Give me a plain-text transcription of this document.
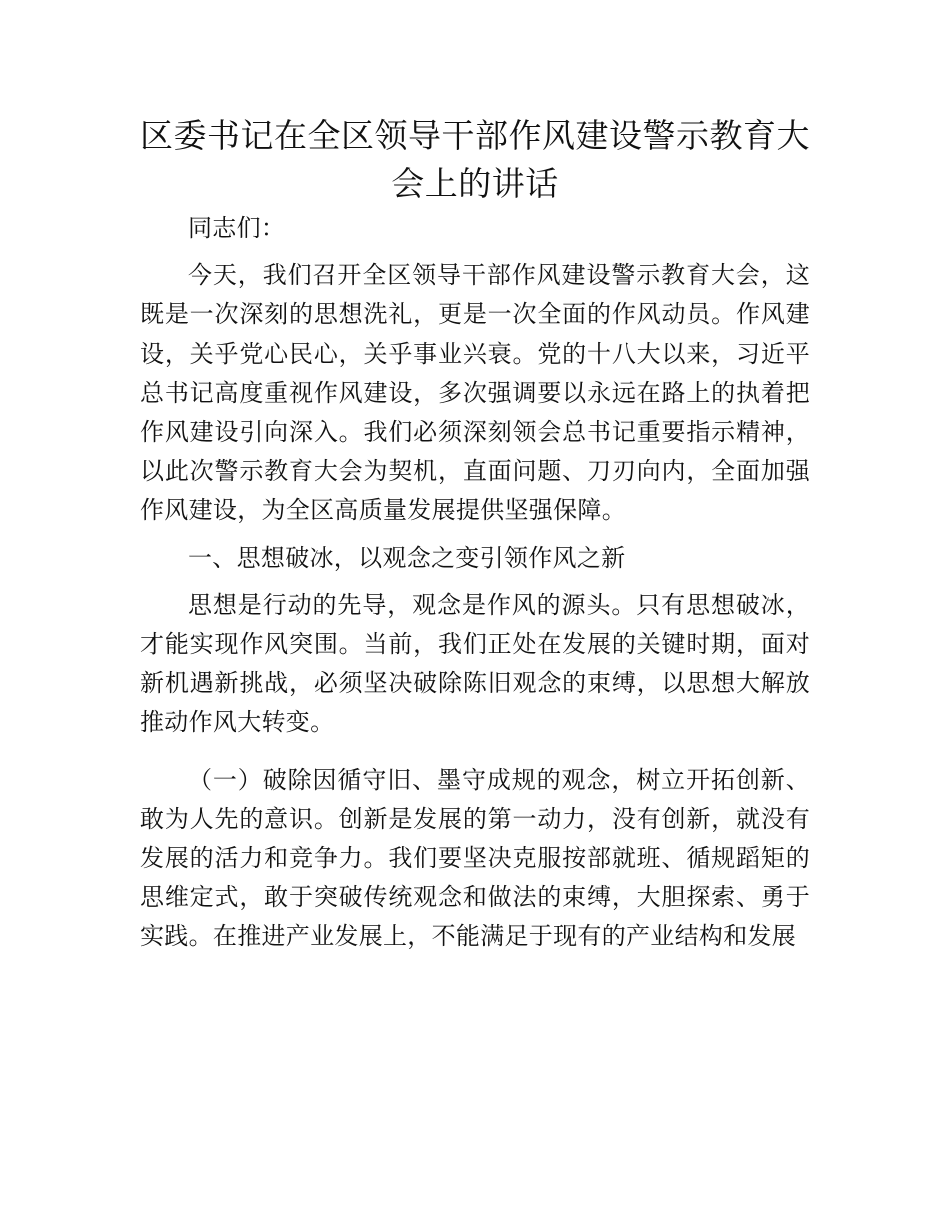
区委书记在全区领导干部作风建设警示教育大会上的讲话

同志们：

今天，我们召开全区领导干部作风建设警示教育大会，这既是一次深刻的思想洗礼，更是一次全面的作风动员。作风建设，关乎党心民心，关乎事业兴衰。党的十八大以来，习近平总书记高度重视作风建设，多次强调要以永远在路上的执着把作风建设引向深入。我们必须深刻领会总书记重要指示精神，以此次警示教育大会为契机，直面问题、刀刃向内，全面加强作风建设，为全区高质量发展提供坚强保障。

一、思想破冰，以观念之变引领作风之新

思想是行动的先导，观念是作风的源头。只有思想破冰，才能实现作风突围。当前，我们正处在发展的关键时期，面对新机遇新挑战，必须坚决破除陈旧观念的束缚，以思想大解放推动作风大转变。

（一）破除因循守旧、墨守成规的观念，树立开拓创新、敢为人先的意识。创新是发展的第一动力，没有创新，就没有发展的活力和竞争力。我们要坚决克服按部就班、循规蹈矩的思维定式，敢于突破传统观念和做法的束缚，大胆探索、勇于实践。在推进产业发展上，不能满足于现有的产业结构和发展
